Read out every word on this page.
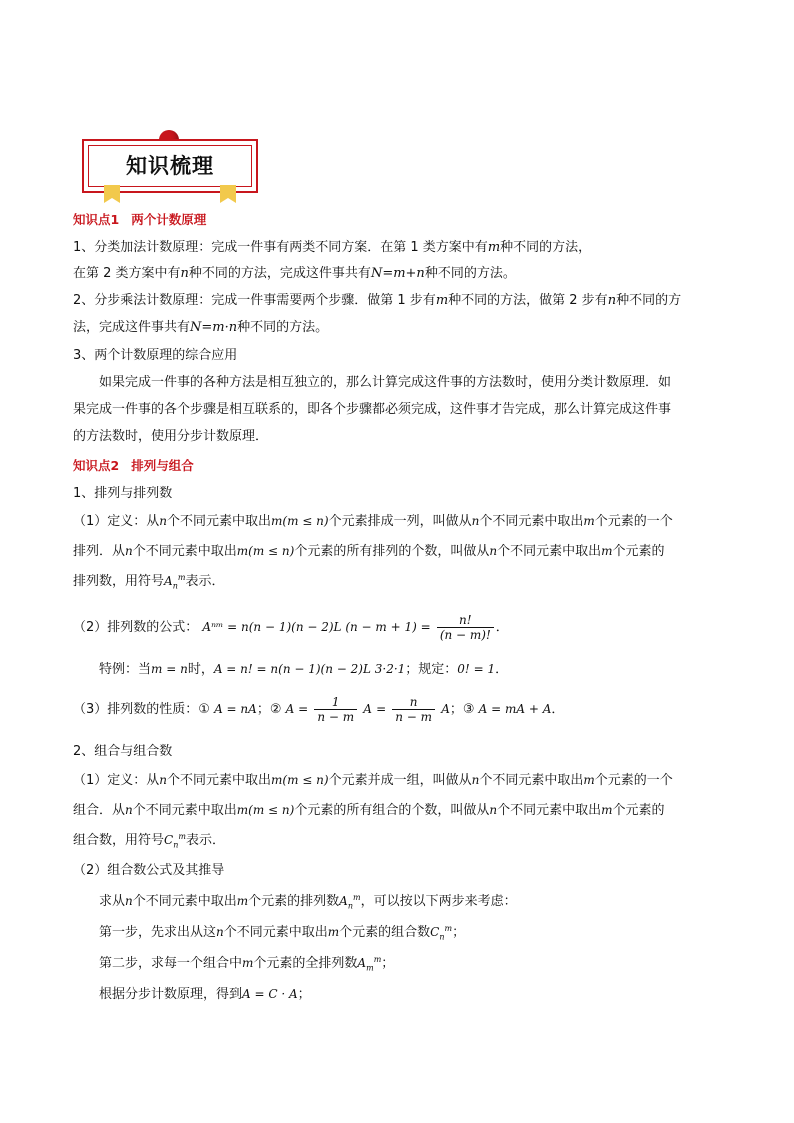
知识梳理
知识点1 两个计数原理
1、分类加法计数原理：完成一件事有两类不同方案．在第 1 类方案中有m种不同的方法，
在第 2 类方案中有n种不同的方法，完成这件事共有N=m+n种不同的方法。
2、分步乘法计数原理：完成一件事需要两个步骤．做第 1 步有m种不同的方法，做第 2 步有n种不同的方
法，完成这件事共有N=m·n种不同的方法。
3、两个计数原理的综合应用
如果完成一件事的各种方法是相互独立的，那么计算完成这件事的方法数时，使用分类计数原理．如
果完成一件事的各个步骤是相互联系的，即各个步骤都必须完成，这件事才告完成，那么计算完成这件事
的方法数时，使用分步计数原理．
知识点2 排列与组合
1、排列与排列数
（1）定义：从n个不同元素中取出m(m ≤ n)个元素排成一列，叫做从n个不同元素中取出m个元素的一个
排列．从n个不同元素中取出m(m ≤ n)个元素的所有排列的个数，叫做从n个不同元素中取出m个元素的
排列数，用符号$A_n^m$表示．
（2）排列数的公式： Aⁿᵐ = n(n − 1)(n − 2)L $(n - m + 1) = \frac{n!}{(n - m)!}$ ．
特例：当m = n时，A = n! = n(n − 1)(n − 2)L 3·2·1；规定：0! = 1．
（3）排列数的性质：① A = nA；② $A = \frac{1}{n - m}$ $A = \frac{n}{n - m}$ A；③ A = mA + A．
2、组合与组合数
（1）定义：从n个不同元素中取出m(m ≤ n)个元素并成一组，叫做从n个不同元素中取出m个元素的一个
组合．从n个不同元素中取出m(m ≤ n)个元素的所有组合的个数，叫做从n个不同元素中取出m个元素的
组合数，用符号$C_n^m$表示．
（2）组合数公式及其推导
求从n个不同元素中取出m个元素的排列数$A_n^m$，可以按以下两步来考虑：
第一步，先求出从这n个不同元素中取出m个元素的组合数$C_n^m$；
第二步，求每一个组合中m个元素的全排列数$A_m^m$；
根据分步计数原理，得到A = C · A；
